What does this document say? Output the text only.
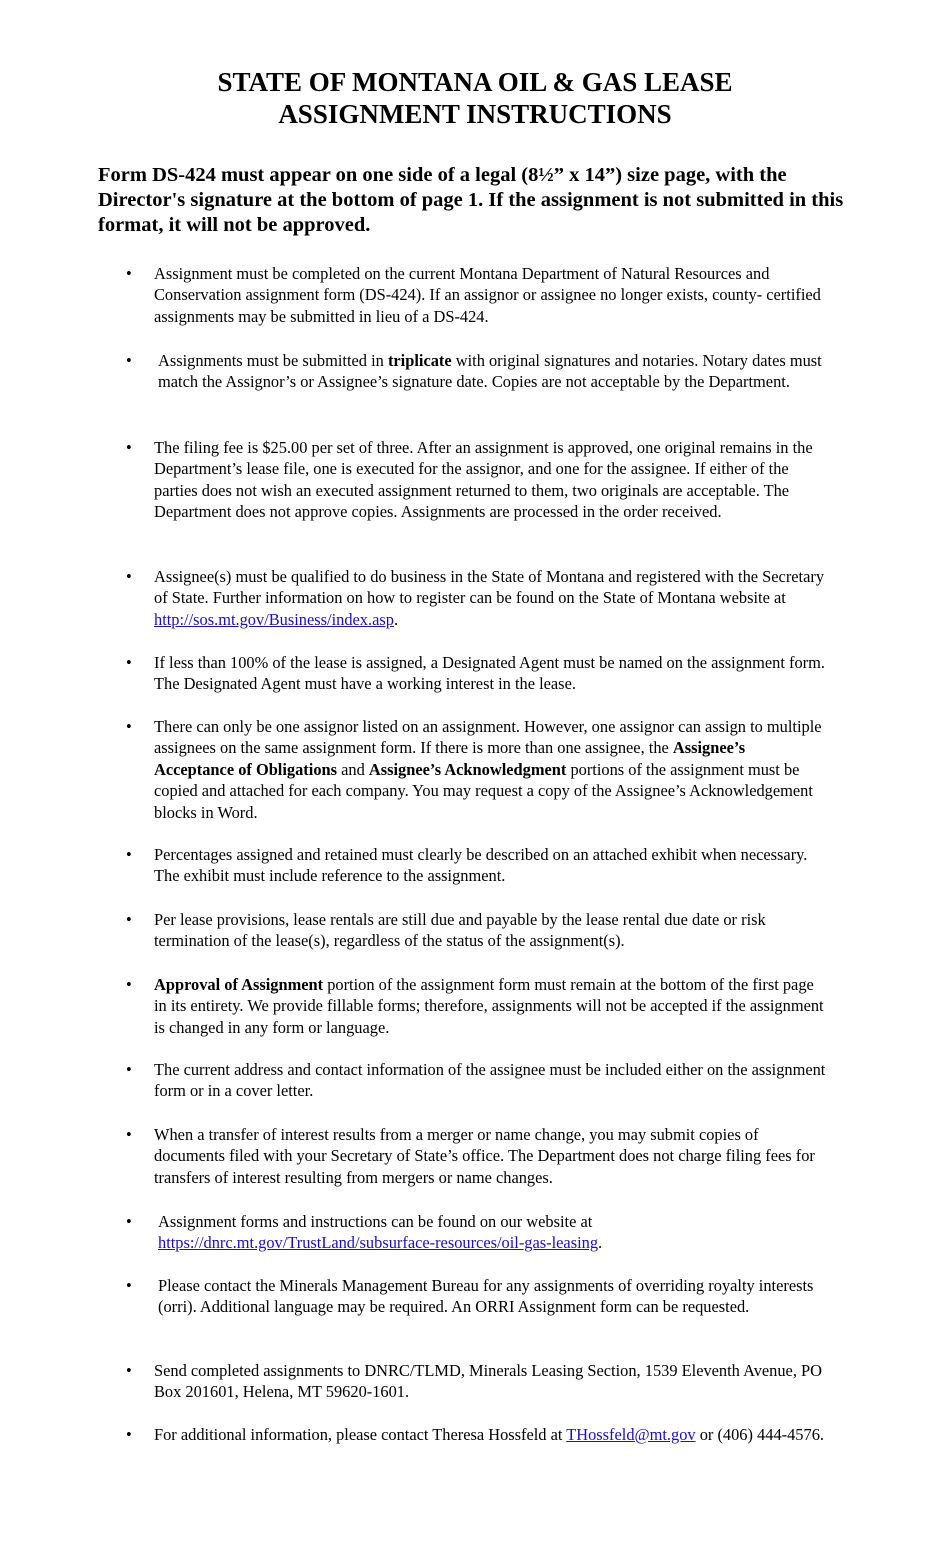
STATE OF MONTANA OIL & GAS LEASE
ASSIGNMENT INSTRUCTIONS

Form DS-424 must appear on one side of a legal (8½” x 14”) size page, with the Director's signature at the bottom of page 1. If the assignment is not submitted in this format, it will not be approved.

•	Assignment must be completed on the current Montana Department of Natural Resources and Conservation assignment form (DS-424). If an assignor or assignee no longer exists, county- certified assignments may be submitted in lieu of a DS-424.
•	Assignments must be submitted in triplicate with original signatures and notaries. Notary dates must match the Assignor’s or Assignee’s signature date. Copies are not acceptable by the Department.
•	The filing fee is $25.00 per set of three. After an assignment is approved, one original remains in the Department’s lease file, one is executed for the assignor, and one for the assignee. If either of the parties does not wish an executed assignment returned to them, two originals are acceptable. The Department does not approve copies. Assignments are processed in the order received.
•	Assignee(s) must be qualified to do business in the State of Montana and registered with the Secretary of State. Further information on how to register can be found on the State of Montana website at http://sos.mt.gov/Business/index.asp.
•	If less than 100% of the lease is assigned, a Designated Agent must be named on the assignment form. The Designated Agent must have a working interest in the lease.
•	There can only be one assignor listed on an assignment. However, one assignor can assign to multiple assignees on the same assignment form. If there is more than one assignee, the Assignee’s Acceptance of Obligations and Assignee’s Acknowledgment portions of the assignment must be copied and attached for each company. You may request a copy of the Assignee’s Acknowledgement blocks in Word.
•	Percentages assigned and retained must clearly be described on an attached exhibit when necessary. The exhibit must include reference to the assignment.
•	Per lease provisions, lease rentals are still due and payable by the lease rental due date or risk termination of the lease(s), regardless of the status of the assignment(s).
•	Approval of Assignment portion of the assignment form must remain at the bottom of the first page in its entirety. We provide fillable forms; therefore, assignments will not be accepted if the assignment is changed in any form or language.
•	The current address and contact information of the assignee must be included either on the assignment form or in a cover letter.
•	When a transfer of interest results from a merger or name change, you may submit copies of documents filed with your Secretary of State’s office. The Department does not charge filing fees for transfers of interest resulting from mergers or name changes.
•	Assignment forms and instructions can be found on our website at https://dnrc.mt.gov/TrustLand/subsurface-resources/oil-gas-leasing.
•	Please contact the Minerals Management Bureau for any assignments of overriding royalty interests (orri). Additional language may be required. An ORRI Assignment form can be requested.
•	Send completed assignments to DNRC/TLMD, Minerals Leasing Section, 1539 Eleventh Avenue, PO Box 201601, Helena, MT 59620-1601.
•	For additional information, please contact Theresa Hossfeld at THossfeld@mt.gov or (406) 444-4576.
